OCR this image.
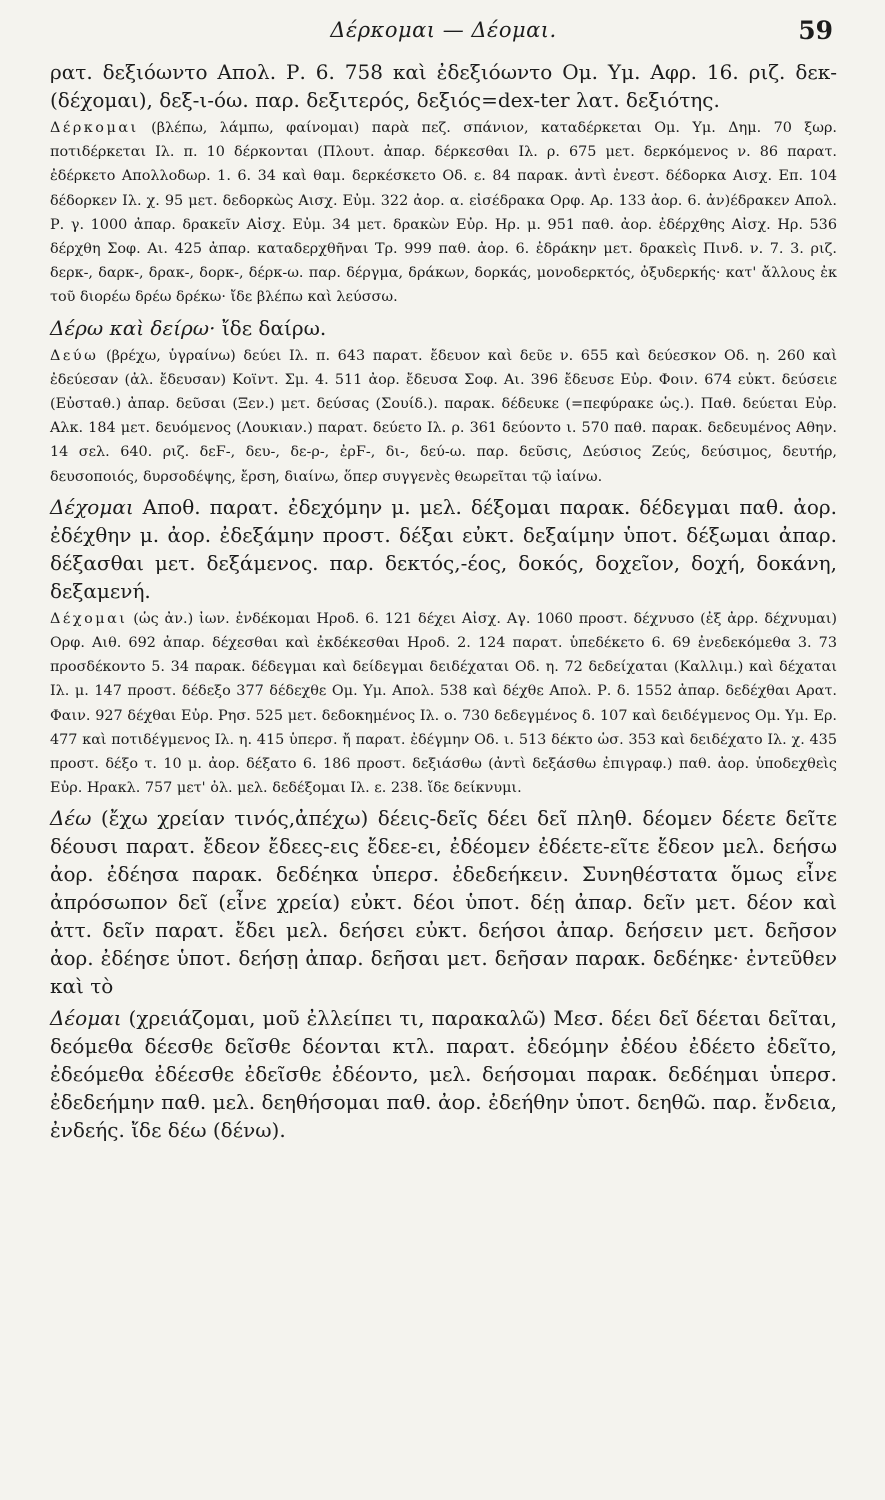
Δέρκομαι — Δέομαι.	59

ρατ. δεξιόωντο Απολ. Ρ. 6. 758 καὶ ἐδεξιόωντο Ομ. Υμ. Αφρ. 16. ριζ. δεκ- (δέχομαι), δεξ-ι-όω. παρ. δεξιτερός, δεξιός=dex-ter λατ. δεξιότης.

Δέρκομαι (βλέπω, λάμπω, φαίνομαι) παρὰ πεζ. σπάνιον, καταδέρκεται Ομ. Υμ. Δημ. 70 ξωρ. ποτιδέρκεται Ιλ. π. 10 δέρκονται (Πλουτ. ἀπαρ. δέρκεσθαι Ιλ. ρ. 675 μετ. δερκόμενος ν. 86 παρατ. ἐδέρκετο Απολλοδωρ. 1. 6. 34 καὶ θαμ. δερκέσκετο Οδ. ε. 84 παρακ. ἀντὶ ἐνεστ. δέδορκα Αισχ. Επ. 104 δέδορκεν Ιλ. χ. 95 μετ. δεδορκὼς Αισχ. Εὐμ. 322 ἀορ. α. εἰσέδρακα Ορφ. Αρ. 133 ἀορ. 6. ἀν)έδρακεν Απολ. Ρ. γ. 1000 ἀπαρ. δρακεῖν Αἰσχ. Εὐμ. 34 μετ. δρακὼν Εὐρ. Ηρ. μ. 951 παθ. ἀορ. ἐδέρχθης Αἰσχ. Ηρ. 536 δέρχθη Σοφ. Αι. 425 ἀπαρ. καταδερχθῆναι Τρ. 999 παθ. ἀορ. 6. ἐδράκην μετ. δρακεὶς Πινδ. ν. 7. 3. ριζ. δερκ-, δαρκ-, δρακ-, δορκ-, δέρκ-ω. παρ. δέργμα, δράκων, δορκάς, μονοδερκτός, ὀξυδερκής· κατ' ἄλλους ἐκ τοῦ διορέω δρέω δρέκω· ἴδε βλέπω καὶ λεύσσω.

Δέρω καὶ δείρω· ἴδε δαίρω.

Δεύω (βρέχω, ὑγραίνω) δεύει Ιλ. π. 643 παρατ. ἔδευον καὶ δεῦε ν. 655 καὶ δεύεσκον Οδ. η. 260 καὶ ἐδεύεσαν (ἀλ. ἔδευσαν) Κοϊντ. Σμ. 4. 511 ἀορ. ἔδευσα Σοφ. Αι. 396 ἔδευσε Εὐρ. Φοιν. 674 εὐκτ. δεύσειε (Εὐσταθ.) ἀπαρ. δεῦσαι (Ξεν.) μετ. δεύσας (Σουίδ.). παρακ. δέδευκε (=πεφύρακε ὡς.). Παθ. δεύεται Εὐρ. Αλκ. 184 μετ. δευόμενος (Λουκιαν.) παρατ. δεύετο Ιλ. ρ. 361 δεύοντο ι. 570 παθ. παρακ. δεδευμένος Αθην. 14 σελ. 640. ριζ. δεϜ-, δευ-, δε-ρ-, ἐρϜ-, δι-, δεύ-ω. παρ. δεῦσις, Δεύσιος Ζεύς, δεύσιμος, δευτήρ, δευσοποιός, δυρσοδέψης, ἔρση, διαίνω, ὅπερ συγγενὲς θεωρεῖται τῷ ἰαίνω.

Δέχομαι Αποθ. παρατ. ἐδεχόμην μ. μελ. δέξομαι παρακ. δέδεγμαι παθ. ἀορ. ἐδέχθην μ. ἀορ. ἐδεξάμην προστ. δέξαι εὐκτ. δεξαίμην ὑποτ. δέξωμαι ἀπαρ. δέξασθαι μετ. δεξάμενος. παρ. δεκτός,-έος, δοκός, δοχεῖον, δοχή, δοκάνη, δεξαμενή.

Δέχομαι (ὡς ἀν.) ἰων. ἐνδέκομαι Ηροδ. 6. 121 δέχει Αἰσχ. Αγ. 1060 προστ. δέχνυσο (ἐξ ἀρρ. δέχνυμαι) Ορφ. Αιθ. 692 ἀπαρ. δέχεσθαι καὶ ἐκδέκεσθαι Ηροδ. 2. 124 παρατ. ὑπεδέκετο 6. 69 ἐνεδεκόμεθα 3. 73 προσδέκοντο 5. 34 παρακ. δέδεγμαι καὶ δείδεγμαι δειδέχαται Οδ. η. 72 δεδείχαται (Καλλιμ.) καὶ δέχαται Ιλ. μ. 147 προστ. δέδεξο 377 δέδεχθε Ομ. Υμ. Απολ. 538 καὶ δέχθε Απολ. Ρ. δ. 1552 ἀπαρ. δεδέχθαι Αρατ. Φαιν. 927 δέχθαι Εὐρ. Ρησ. 525 μετ. δεδοκημένος Ιλ. ο. 730 δεδεγμένος δ. 107 καὶ δειδέγμενος Ομ. Υμ. Ερ. 477 καὶ ποτιδέγμενος Ιλ. η. 415 ὑπερσ. ἤ παρατ. ἐδέγμην Οδ. ι. 513 δέκτο ὡσ. 353 καὶ δειδέχατο Ιλ. χ. 435 προστ. δέξο τ. 10 μ. ἀορ. δέξατο 6. 186 προστ. δεξιάσθω (ἀντὶ δεξάσθω ἐπιγραφ.) παθ. ἀορ. ὑποδεχθεὶς Εὐρ. Ηρακλ. 757 μετ' ὀλ. μελ. δεδέξομαι Ιλ. ε. 238. ἴδε δείκνυμι.

Δέω (ἔχω χρείαν τινός,ἀπέχω) δέεις-δεῖς δέει δεῖ πληθ. δέομεν δέετε δεῖτε δέουσι παρατ. ἔδεον ἔδεες-εις ἔδεε-ει, ἐδέομεν ἐδέετε-εῖτε ἔδεον μελ. δεήσω ἀορ. ἐδέησα παρακ. δεδέηκα ὑπερσ. ἐδεδεήκειν. Συνηθέστατα ὅμως εἶνε ἀπρόσωπον δεῖ (εἶνε χρεία) εὐκτ. δέοι ὑποτ. δέῃ ἀπαρ. δεῖν μετ. δέον καὶ ἀττ. δεῖν παρατ. ἔδει μελ. δεήσει εὐκτ. δεήσοι ἀπαρ. δεήσειν μετ. δεῆσον ἀορ. ἐδέησε ὑποτ. δεήσῃ ἀπαρ. δεῆσαι μετ. δεῆσαν παρακ. δεδέηκε· ἐντεῦθεν καὶ τὸ

Δέομαι (χρειάζομαι, μοῦ ἐλλείπει τι, παρακαλῶ) Μεσ. δέει δεῖ δέεται δεῖται, δεόμεθα δέεσθε δεῖσθε δέονται κτλ. παρατ. ἐδεόμην ἐδέου ἐδέετο ἐδεῖτο, ἐδεόμεθα ἐδέεσθε ἐδεῖσθε ἐδέοντο, μελ. δεήσομαι παρακ. δεδέημαι ὑπερσ. ἐδεδεήμην παθ. μελ. δεηθήσομαι παθ. ἀορ. ἐδεήθην ὑποτ. δεηθῶ. παρ. ἔνδεια, ἐνδεής. ἴδε δέω (δένω).
